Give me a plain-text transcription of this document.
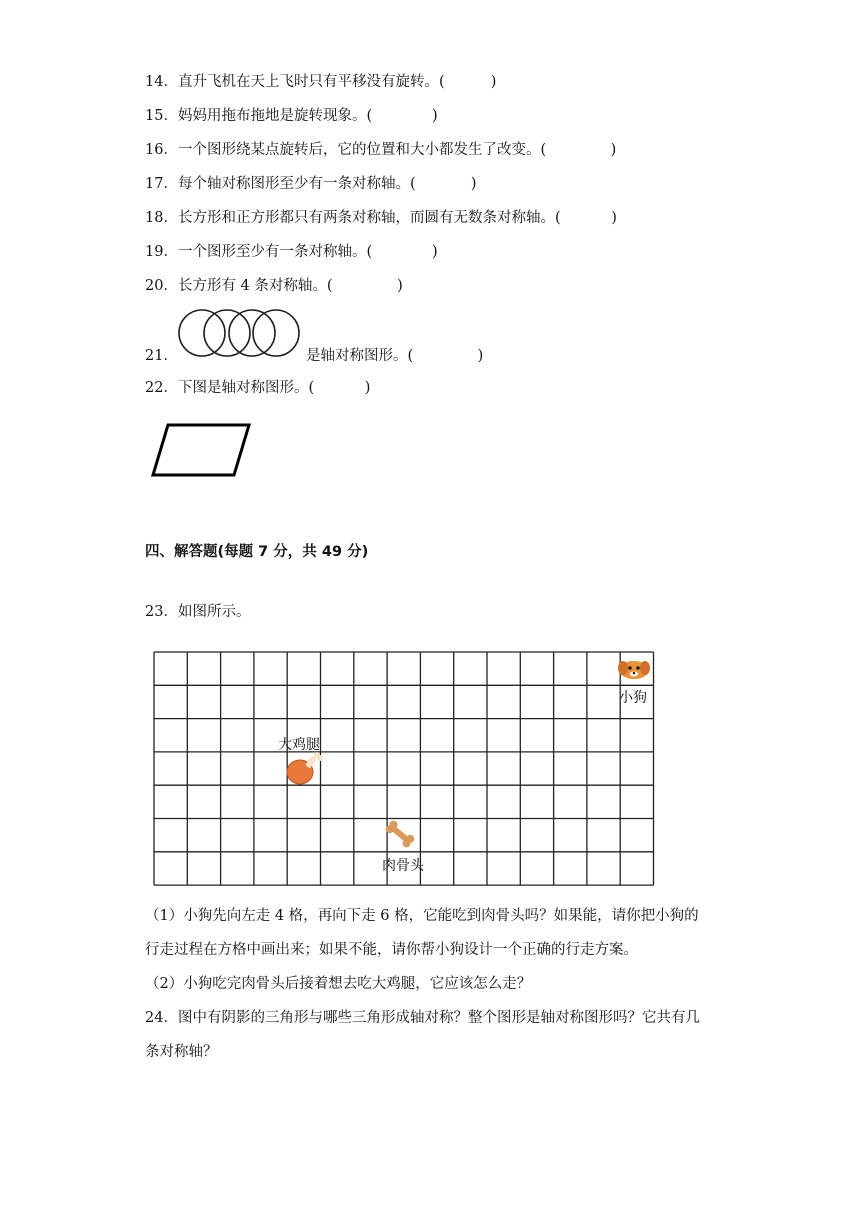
14．直升飞机在天上飞时只有平移没有旋转。(          )
15．妈妈用拖布拖地是旋转现象。(             )
16．一个图形绕某点旋转后，它的位置和大小都发生了改变。(              )
17．每个轴对称图形至少有一条对称轴。(            )
18．长方形和正方形都只有两条对称轴，而圆有无数条对称轴。(           )
19．一个图形至少有一条对称轴。(             )
20．长方形有 4 条对称轴。(              )
21．	是轴对称图形。(              )
22．下图是轴对称图形。(           )
四、解答题(每题 7 分，共 49 分)
23．如图所示。
小狗
大鸡腿
肉骨头
（1）小狗先向左走 4 格，再向下走 6 格，它能吃到肉骨头吗？如果能，请你把小狗的
行走过程在方格中画出来；如果不能，请你帮小狗设计一个正确的行走方案。
（2）小狗吃完肉骨头后接着想去吃大鸡腿，它应该怎么走？
24．图中有阴影的三角形与哪些三角形成轴对称？整个图形是轴对称图形吗？它共有几
条对称轴？
